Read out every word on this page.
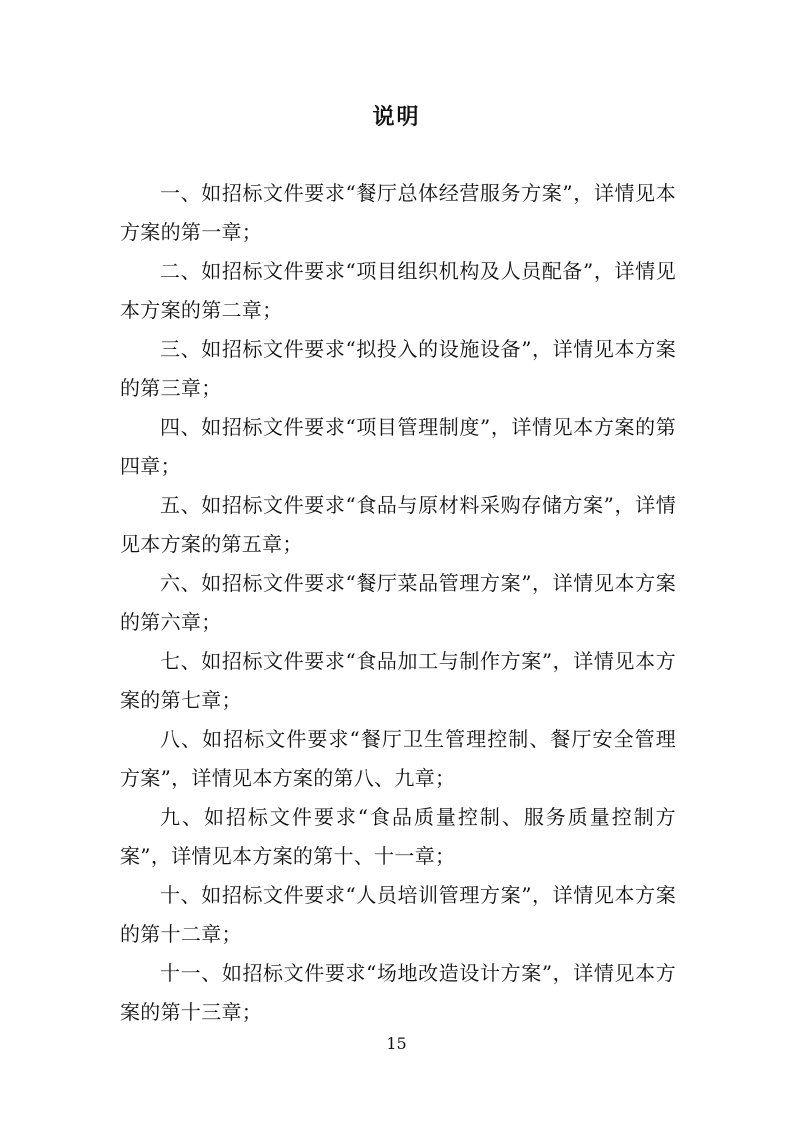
说明

一、如招标文件要求“餐厅总体经营服务方案”，详情见本方案的第一章；

二、如招标文件要求“项目组织机构及人员配备”，详情见本方案的第二章；

三、如招标文件要求“拟投入的设施设备”，详情见本方案的第三章；

四、如招标文件要求“项目管理制度”，详情见本方案的第四章；

五、如招标文件要求“食品与原材料采购存储方案”，详情见本方案的第五章；

六、如招标文件要求“餐厅菜品管理方案”，详情见本方案的第六章；

七、如招标文件要求“食品加工与制作方案”，详情见本方案的第七章；

八、如招标文件要求“餐厅卫生管理控制、餐厅安全管理方案”，详情见本方案的第八、九章；

九、如招标文件要求“食品质量控制、服务质量控制方案”，详情见本方案的第十、十一章；

十、如招标文件要求“人员培训管理方案”，详情见本方案的第十二章；

十一、如招标文件要求“场地改造设计方案”，详情见本方案的第十三章；

15
